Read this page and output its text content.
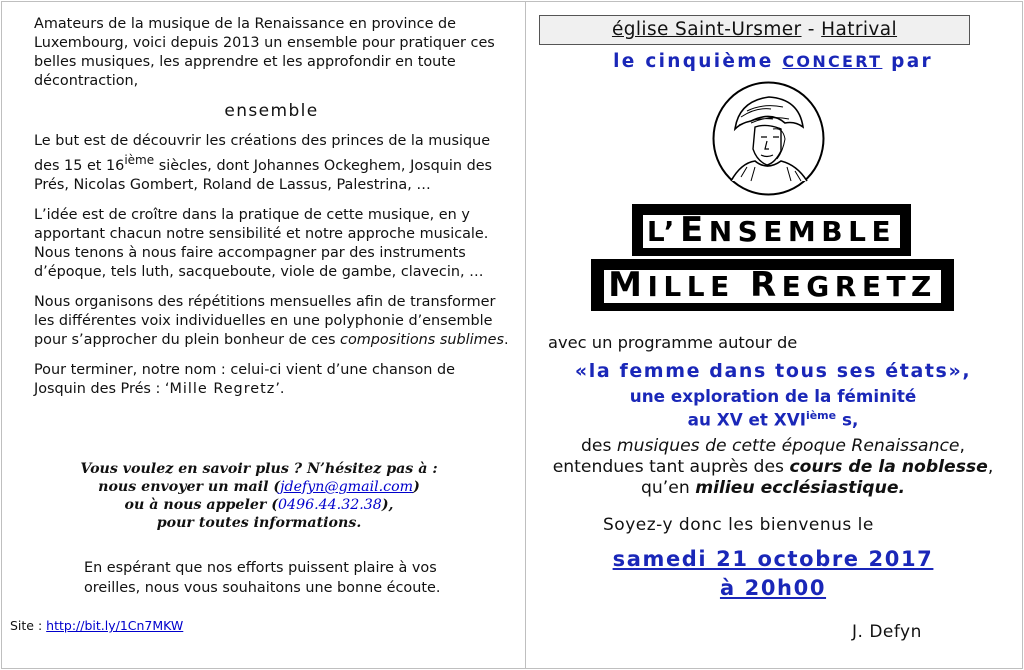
Amateurs de la musique de la Renaissance en province de Luxembourg, voici depuis 2013 un ensemble pour pratiquer ces belles musiques, les apprendre et les approfondir en toute décontraction,

ensemble

Le but est de découvrir les créations des princes de la musique des 15 et 16ième siècles, dont Johannes Ockeghem, Josquin des Prés, Nicolas Gombert, Roland de Lassus, Palestrina, …

L’idée est de croître dans la pratique de cette musique, en y apportant chacun notre sensibilité et notre approche musicale. Nous tenons à nous faire accompagner par des instruments d’époque, tels luth, sacqueboute, viole de gambe, clavecin, …

Nous organisons des répétitions mensuelles afin de transformer les différentes voix individuelles en une polyphonie d’ensemble pour s’approcher du plein bonheur de ces compositions sublimes.

Pour terminer, notre nom : celui-ci vient d’une chanson de Josquin des Prés : ‘Mille Regretz’.

Vous voulez en savoir plus ? N’hésitez pas à :
nous envoyer un mail (jdefyn@gmail.com)
ou à nous appeler (0496.44.32.38),
pour toutes informations.
En espérant que nos efforts puissent plaire à vos oreilles, nous vous souhaitons une bonne écoute.
Site : http://bit.ly/1Cn7MKW
église Saint-Ursmer - Hatrival
le cinquième CONCERT par
L’ENSEMBLE
MILLE REGRETZ
avec un programme autour de
«la femme dans tous ses états»,
une exploration de la féminité
au XV et XVIième s,
des musiques de cette époque Renaissance,
entendues tant auprès des cours de la noblesse, qu’en milieu ecclésiastique.
Soyez-y donc les bienvenus le
samedi 21 octobre 2017
à 20h00
J. Defyn
